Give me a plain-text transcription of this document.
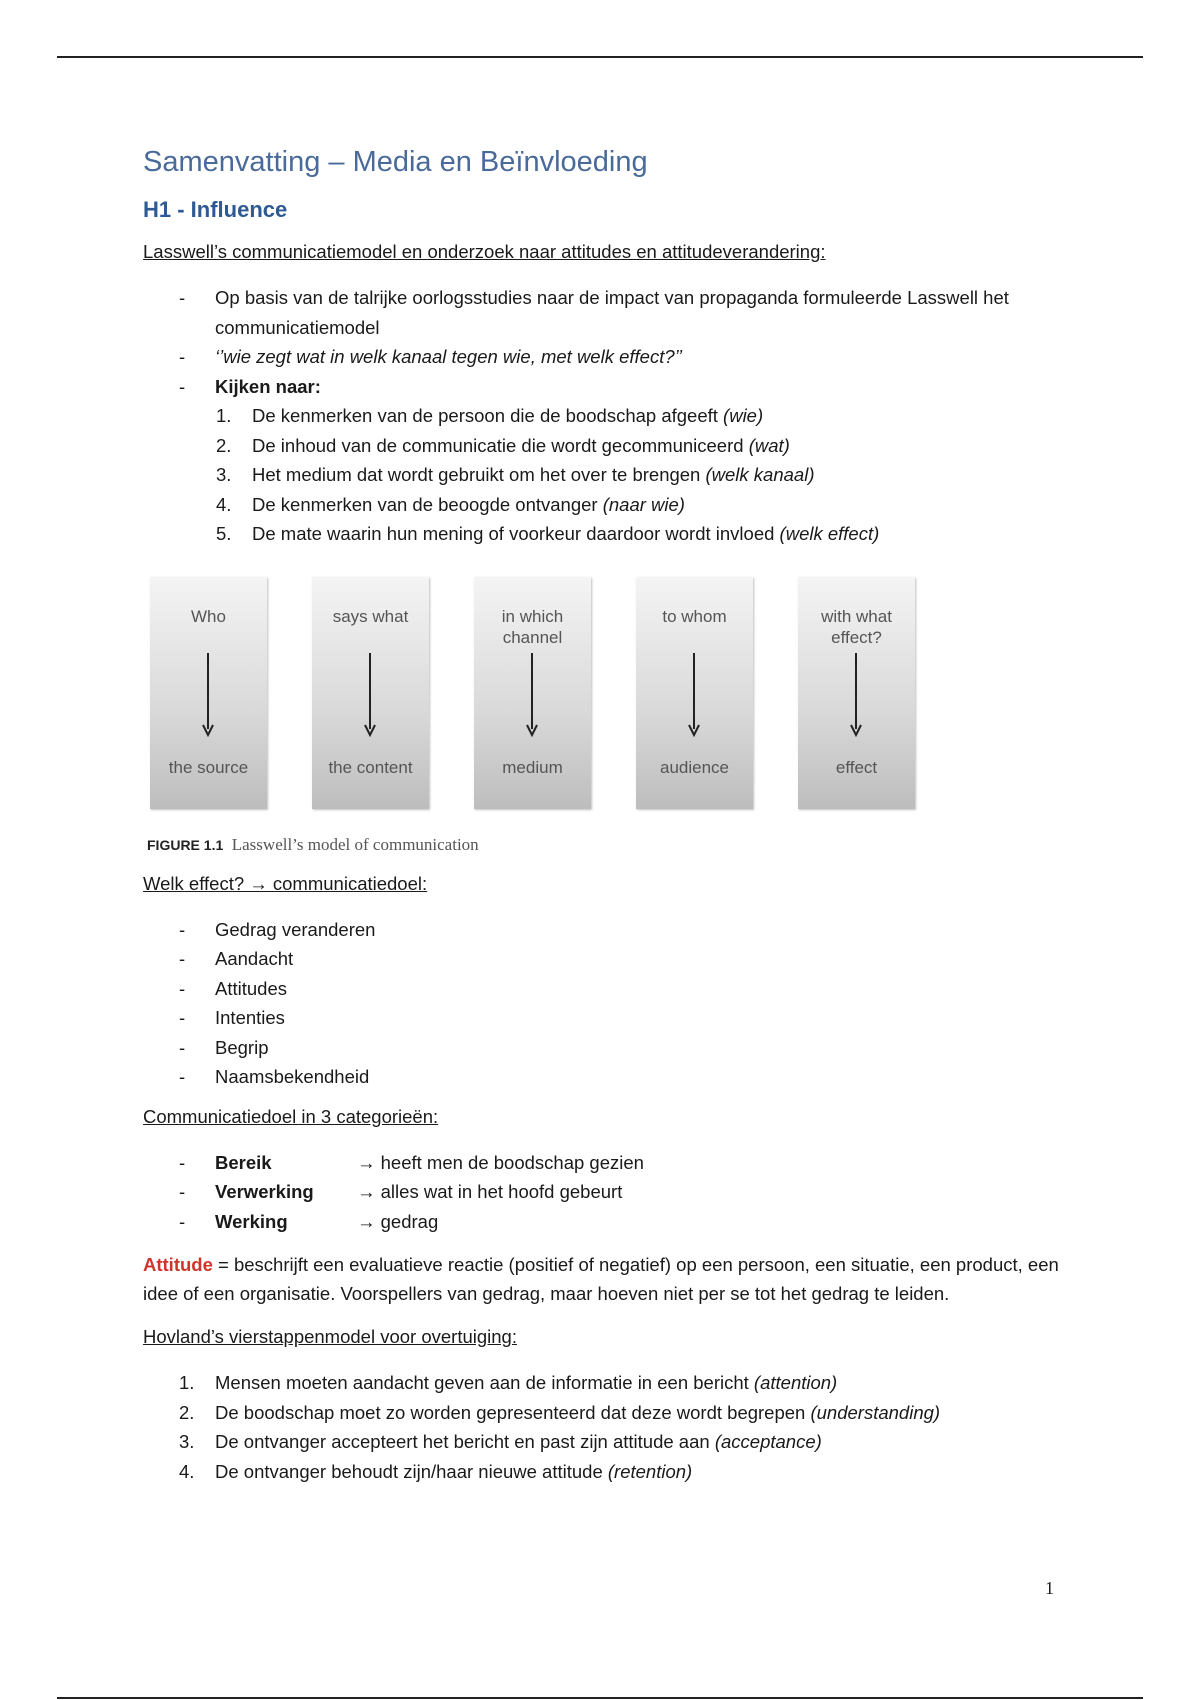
Samenvatting – Media en Beïnvloeding
H1 - Influence
Lasswell’s communicatiemodel en onderzoek naar attitudes en attitudeverandering:
- Op basis van de talrijke oorlogsstudies naar de impact van propaganda formuleerde Lasswell het communicatiemodel
- ‘’wie zegt wat in welk kanaal tegen wie, met welk effect?’’
- Kijken naar:
1. De kenmerken van de persoon die de boodschap afgeeft (wie)
2. De inhoud van de communicatie die wordt gecommuniceerd (wat)
3. Het medium dat wordt gebruikt om het over te brengen (welk kanaal)
4. De kenmerken van de beoogde ontvanger (naar wie)
5. De mate waarin hun mening of voorkeur daardoor wordt invloed (welk effect)
Who
the source
says what
the content
in which channel
medium
to whom
audience
with what effect?
effect
FIGURE 1.1 Lasswell’s model of communication
Welk effect? → communicatiedoel:
- Gedrag veranderen
- Aandacht
- Attitudes
- Intenties
- Begrip
- Naamsbekendheid
Communicatiedoel in 3 categorieën:
- Bereik	→ heeft men de boodschap gezien
- Verwerking → alles wat in het hoofd gebeurt
- Werking	→ gedrag
Attitude = beschrijft een evaluatieve reactie (positief of negatief) op een persoon, een situatie, een product, een idee of een organisatie. Voorspellers van gedrag, maar hoeven niet per se tot het gedrag te leiden.
Hovland’s vierstappenmodel voor overtuiging:
1. Mensen moeten aandacht geven aan de informatie in een bericht (attention)
2. De boodschap moet zo worden gepresenteerd dat deze wordt begrepen (understanding)
3. De ontvanger accepteert het bericht en past zijn attitude aan (acceptance)
4. De ontvanger behoudt zijn/haar nieuwe attitude (retention)
1
